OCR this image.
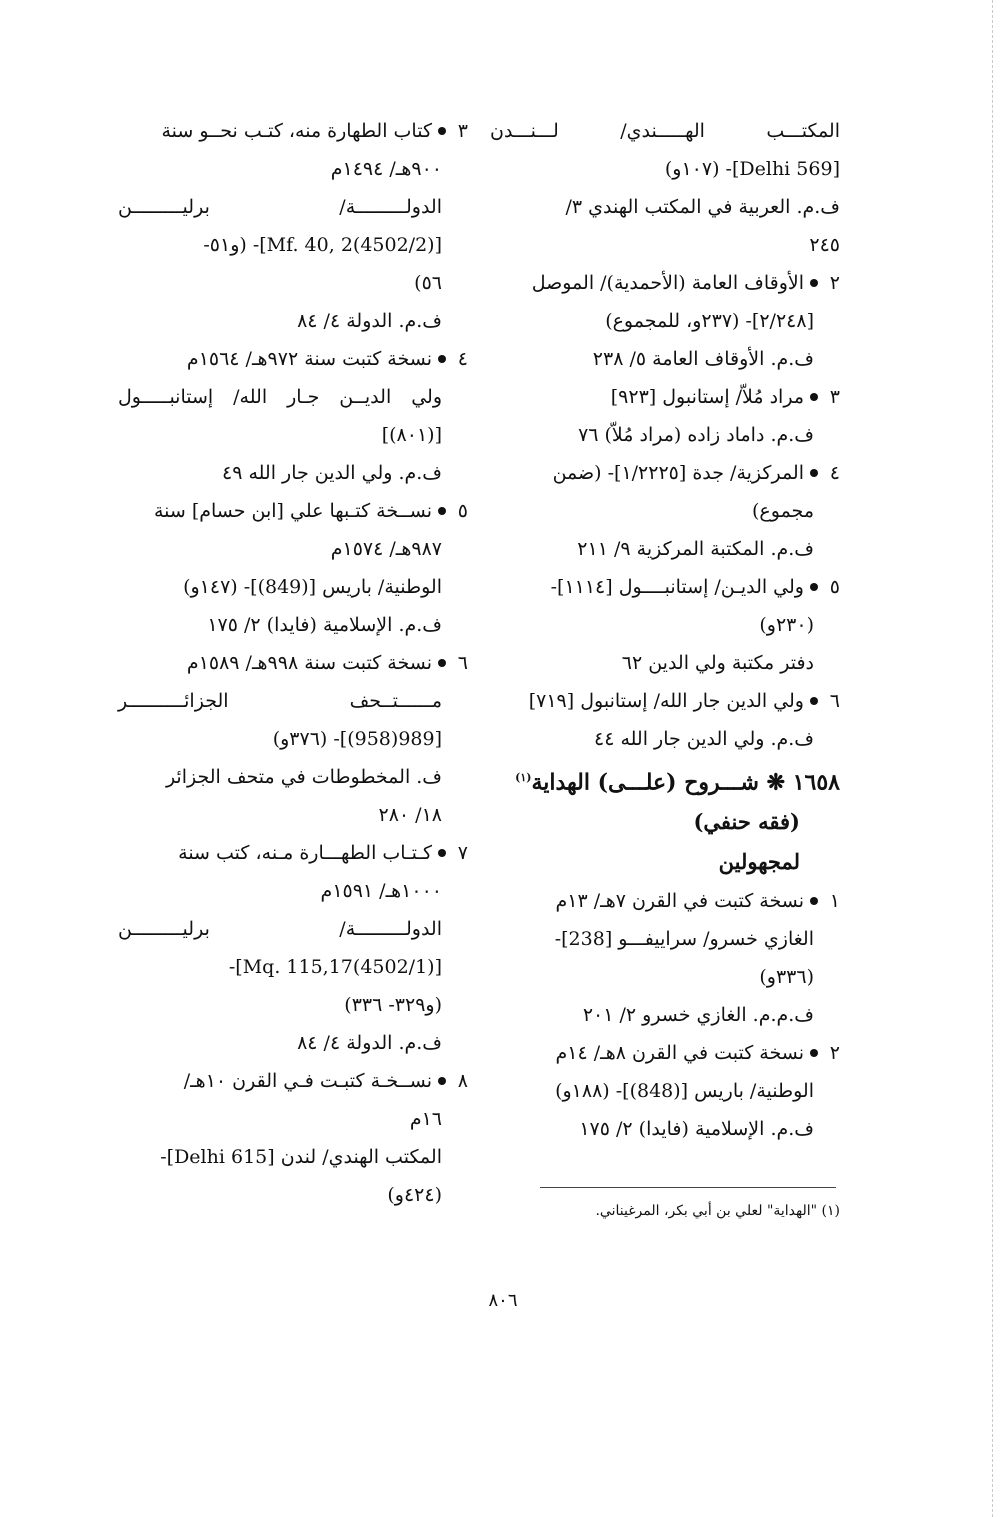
المكتـــب الهـــــندي/ لـــنـــدن
[Delhi 569]- (١٠٧و)
ف.م. العربية في المكتب الهندي ٣/
٢٤٥
٢الأوقاف العامة (الأحمدية)/ الموصل
[٢/٢٤٨]- (٢٣٧و، للمجموع)
ف.م. الأوقاف العامة ٥/ ٢٣٨
٣مراد مُلاّ/ إستانبول [٩٢٣]
ف.م. داماد زاده (مراد مُلاّ) ٧٦
٤المركزية/ جدة [١/٢٢٢٥]- (ضمن
مجموع)
ف.م. المكتبة المركزية ٩/ ٢١١
٥ولي الديـن/ إستانبــــول [١١١٤]-
(٢٣٠و)
دفتر مكتبة ولي الدين ٦٢
٦ولي الدين جار الله/ إستانبول [٧١٩]
ف.م. ولي الدين جار الله ٤٤
١٦٥٨ ❋ شـــروح (علـــى) الهداية$^{(١)}$
(فقه حنفي)
لمجهولين
١نسخة كتبت في القرن ٧هـ/ ١٣م
الغازي خسرو/ سراييفـــو [238]-
(٣٣٦و)
ف.م.م. الغازي خسرو ٢/ ٢٠١
٢نسخة كتبت في القرن ٨هـ/ ١٤م
الوطنية/ باريس [(848)]- (١٨٨و)
ف.م. الإسلامية (فايدا) ٢/ ١٧٥
٣كتاب الطهارة منه، كتـب نحــو سنة
٩٠٠هـ/ ١٤٩٤م
الدولـــــــــة/ برليـــــــــن
[(4502/2)Mf. 40, 2]- (و٥١-
٥٦)
ف.م. الدولة ٤/ ٨٤
٤نسخة كتبت سنة ٩٧٢هـ/ ١٥٦٤م
ولي الديــن جـار الله/ إستانبـــــول
[(٨٠١)]
ف.م. ولي الدين جار الله ٤٩
٥نســخة كتـبها علي [ابن حسام] سنة
٩٨٧هـ/ ١٥٧٤م
الوطنية/ باريس [(849)]- (١٤٧و)
ف.م. الإسلامية (فايدا) ٢/ ١٧٥
٦نسخة كتبت سنة ٩٩٨هـ/ ١٥٨٩م
مــــــتــحف الجزائــــــــــر
[989(958)]- (٣٧٦و)
ف. المخطوطات في متحف الجزائر
١٨/ ٢٨٠
٧كـتـاب الطهـــارة مـنه، كتب سنة
١٠٠٠هـ/ ١٥٩١م
الدولـــــــــة/ برليـــــــــن
[(4502/1)Mq. 115,17]-
(و٣٢٩- ٣٣٦)
ف.م. الدولة ٤/ ٨٤
٨نســخـة كتبـت فـي القرن ١٠هـ/
١٦م
المكتب الهندي/ لندن [Delhi 615]-
(٤٢٤و)
(١) "الهداية" لعلي بن أبي بكر، المرغيناني.
٨٠٦
